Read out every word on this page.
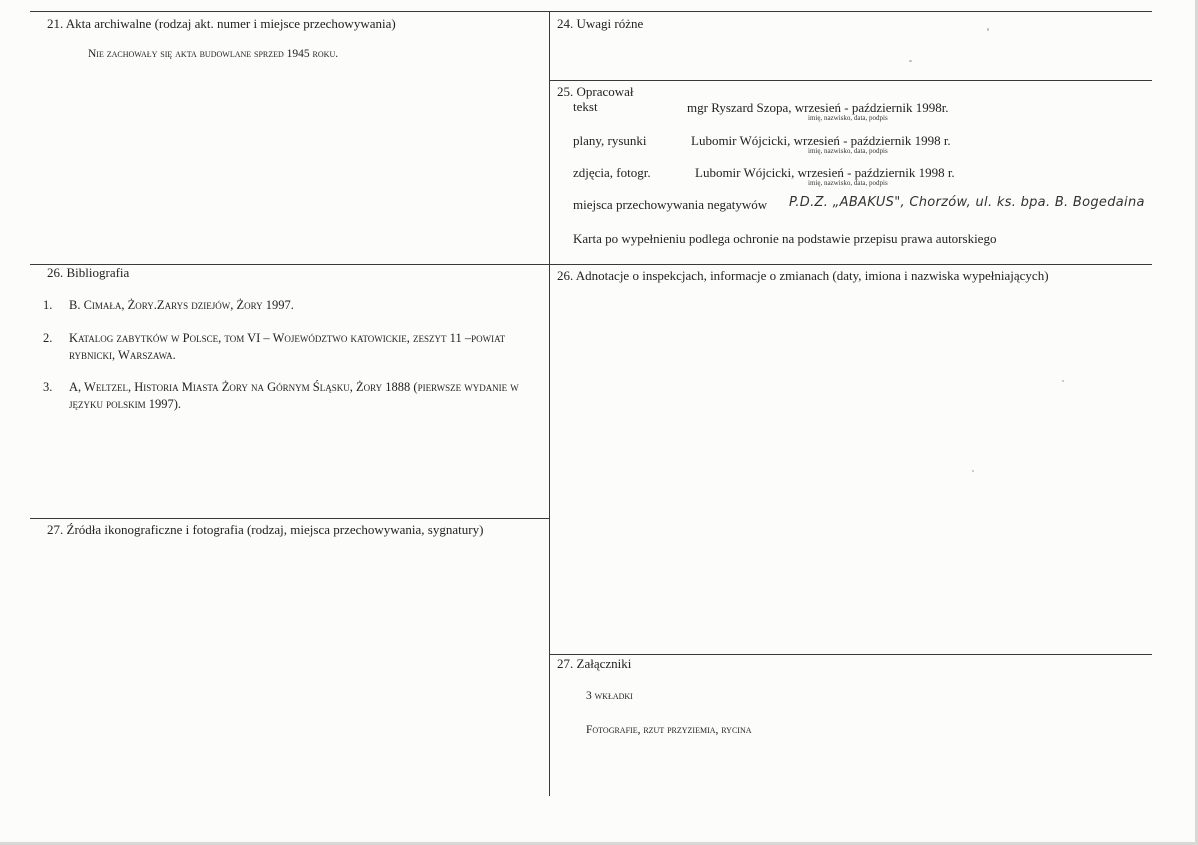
21. Akta archiwalne (rodzaj akt. numer i miejsce przechowywania)
Nie zachowały się akta budowlane sprzed 1945 roku.
24. Uwagi różne
25. Opracował
tekst	mgr Ryszard Szopa, wrzesień - październik 1998r.
imię, nazwisko, data, podpis
plany, rysunki	Lubomir Wójcicki, wrzesień - październik 1998 r.
imię, nazwisko, data, podpis
zdjęcia, fotogr.	Lubomir Wójcicki, wrzesień - październik 1998 r.
imię, nazwisko, data, podpis
miejsca przechowywania negatywów P.D.Z. „ABAKUS", Chorzów, ul. ks. bpa. B. Bogedaina
Karta po wypełnieniu podlega ochronie na podstawie przepisu prawa autorskiego
26. Bibliografia
1. B. Cimała, Żory.Zarys dziejów, Żory 1997.
2. Katalog zabytków w Polsce, tom VI – Województwo katowickie, zeszyt 11 –powiat rybnicki, Warszawa.
3. A, Weltzel, Historia Miasta Żory na Górnym Śląsku, Żory 1888 (pierwsze wydanie w języku polskim 1997).
26. Adnotacje o inspekcjach, informacje o zmianach (daty, imiona i nazwiska wypełniających)
27. Źródła ikonograficzne i fotografia (rodzaj, miejsca przechowywania, sygnatury)
27. Załączniki
3 wkładki
Fotografie, rzut przyziemia, rycina
